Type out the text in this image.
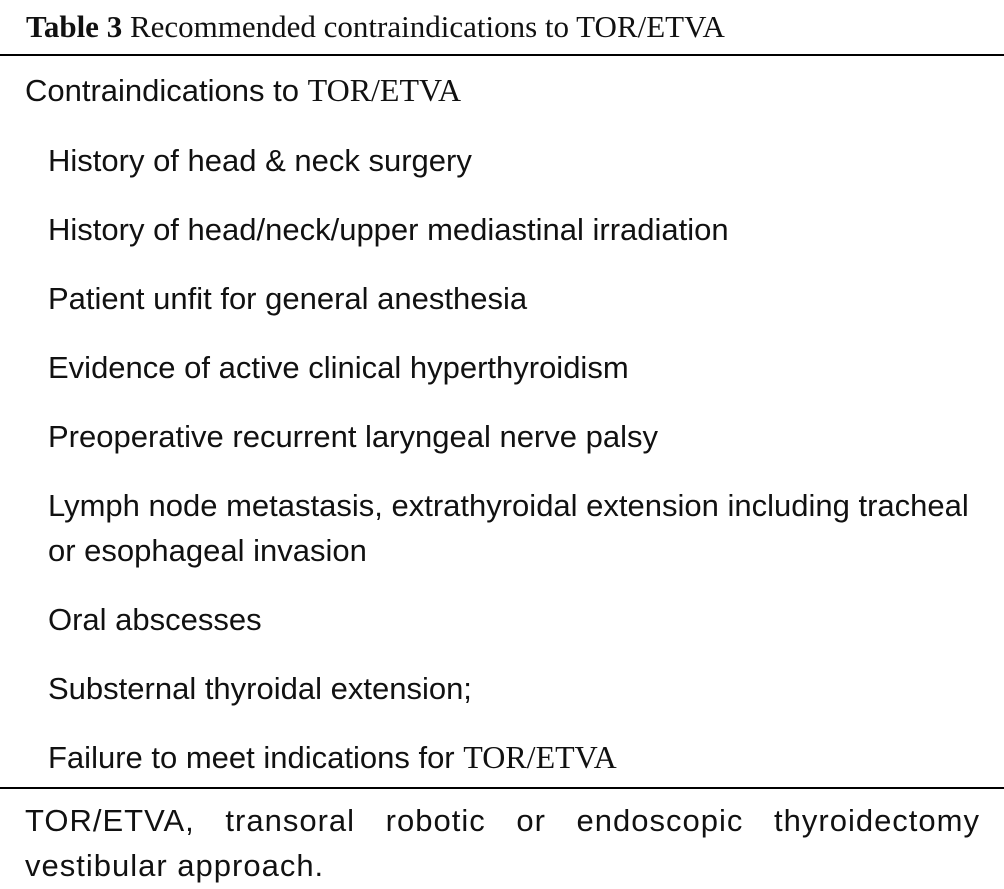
Table 3 Recommended contraindications to TOR/ETVA
Contraindications to TOR/ETVA
History of head & neck surgery
History of head/neck/upper mediastinal irradiation
Patient unfit for general anesthesia
Evidence of active clinical hyperthyroidism
Preoperative recurrent laryngeal nerve palsy
Lymph node metastasis, extrathyroidal extension including tracheal or esophageal invasion
Oral abscesses
Substernal thyroidal extension;
Failure to meet indications for TOR/ETVA
TOR/ETVA, transoral robotic or endoscopic thyroidectomy vestibular approach.
